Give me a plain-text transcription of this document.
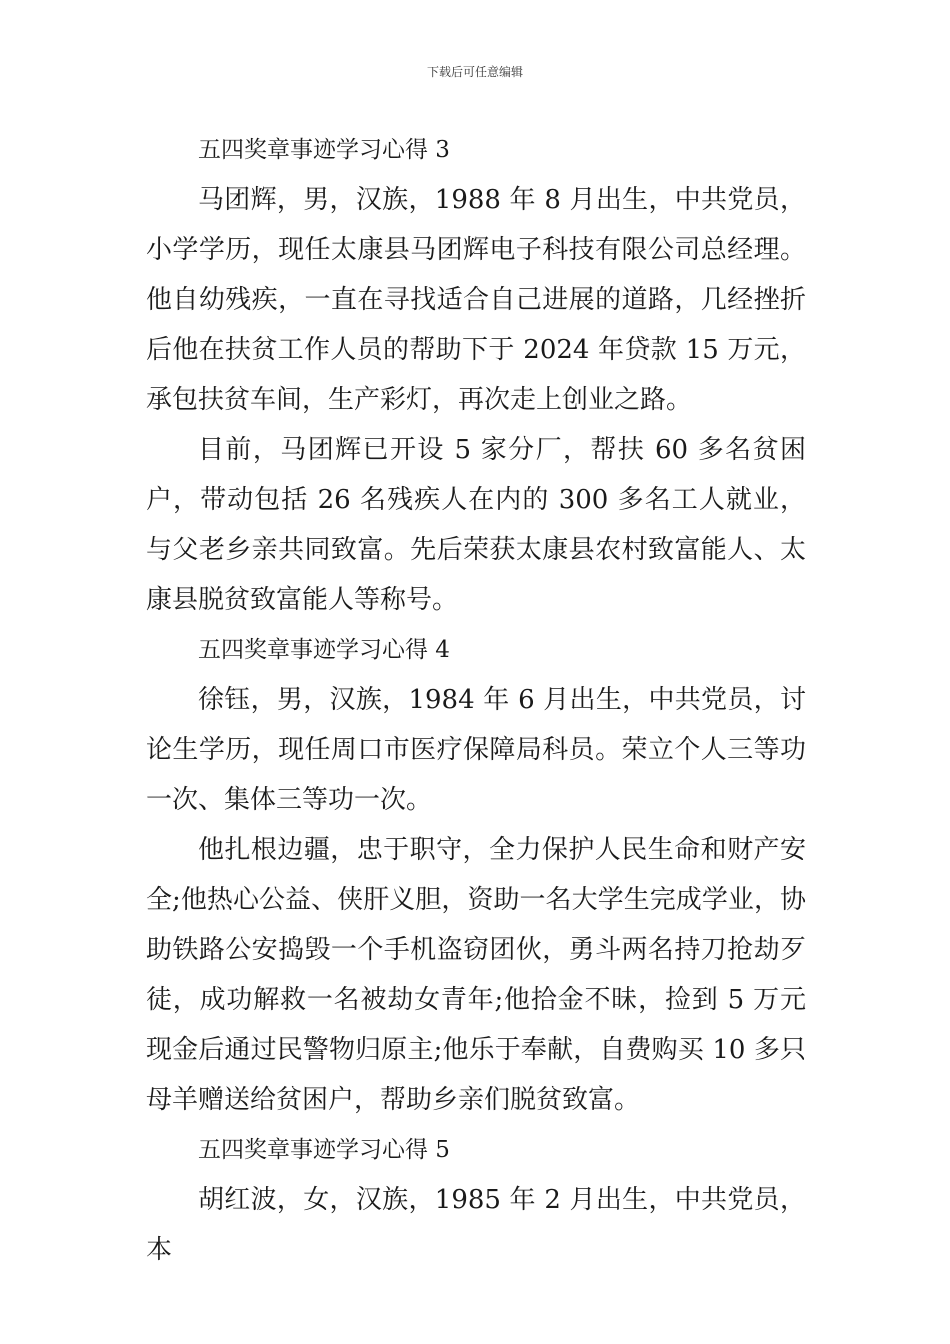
下载后可任意编辑

五四奖章事迹学习心得 3

马团辉，男，汉族，1988 年 8 月出生，中共党员，小学学历，现任太康县马团辉电子科技有限公司总经理。他自幼残疾，一直在寻找适合自己进展的道路，几经挫折后他在扶贫工作人员的帮助下于 2024 年贷款 15 万元，承包扶贫车间，生产彩灯，再次走上创业之路。

目前，马团辉已开设 5 家分厂，帮扶 60 多名贫困户，带动包括 26 名残疾人在内的 300 多名工人就业，与父老乡亲共同致富。先后荣获太康县农村致富能人、太康县脱贫致富能人等称号。

五四奖章事迹学习心得 4

徐钰，男，汉族，1984 年 6 月出生，中共党员，讨论生学历，现任周口市医疗保障局科员。荣立个人三等功一次、集体三等功一次。

他扎根边疆，忠于职守，全力保护人民生命和财产安全;他热心公益、侠肝义胆，资助一名大学生完成学业，协助铁路公安捣毁一个手机盗窃团伙，勇斗两名持刀抢劫歹徒，成功解救一名被劫女青年;他拾金不昧，捡到 5 万元现金后通过民警物归原主;他乐于奉献，自费购买 10 多只母羊赠送给贫困户，帮助乡亲们脱贫致富。

五四奖章事迹学习心得 5

胡红波，女，汉族，1985 年 2 月出生，中共党员，本
